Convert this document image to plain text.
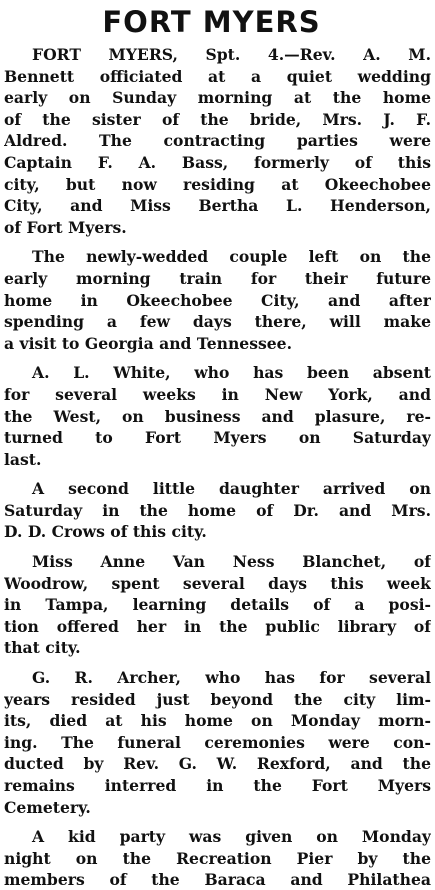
FORT MYERS
FORT MYERS, Spt. 4.—Rev. A. M.
Bennett officiated at a quiet wedding
early on Sunday morning at the home
of the sister of the bride, Mrs. J. F.
Aldred. The contracting parties were
Captain F. A. Bass, formerly of this
city, but now residing at Okeechobee
City, and Miss Bertha L. Henderson,
of Fort Myers.
The newly-wedded couple left on the
early morning train for their future
home in Okeechobee City, and after
spending a few days there, will make
a visit to Georgia and Tennessee.
A. L. White, who has been absent
for several weeks in New York, and
the West, on business and plasure, re-
turned to Fort Myers on Saturday
last.
A second little daughter arrived on
Saturday in the home of Dr. and Mrs.
D. D. Crows of this city.
Miss Anne Van Ness Blanchet, of
Woodrow, spent several days this week
in Tampa, learning details of a posi-
tion offered her in the public library of
that city.
G. R. Archer, who has for several
years resided just beyond the city lim-
its, died at his home on Monday morn-
ing. The funeral ceremonies were con-
ducted by Rev. G. W. Rexford, and the
remains interred in the Fort Myers
Cemetery.
A kid party was given on Monday
night on the Recreation Pier by the
members of the Baraca and Philathea
